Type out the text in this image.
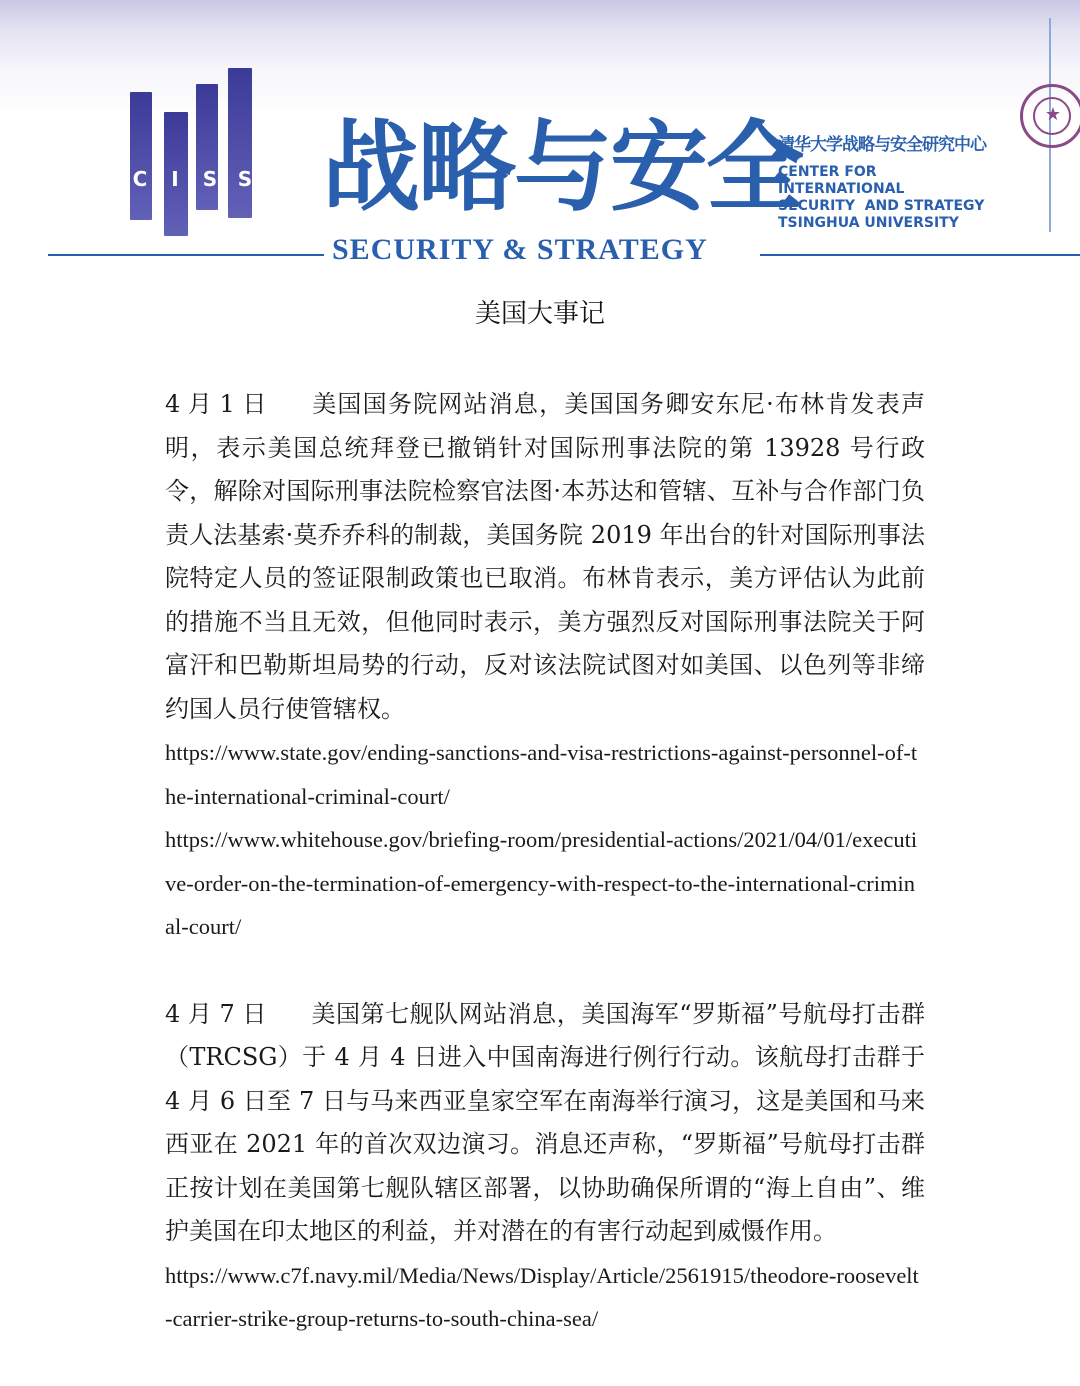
C	I	S S 战略与安全
SECURITY & STRATEGY
清华大学战略与安全研究中心
CENTER FOR
INTERNATIONAL
SECURITY  AND STRATEGY
TSINGHUA UNIVERSITY
★
美国大事记

4 月 1 日 美国国务院网站消息，美国国务卿安东尼·布林肯发表声明，表示美国总统拜登已撤销针对国际刑事法院的第 13928 号行政令，解除对国际刑事法院检察官法图·本苏达和管辖、互补与合作部门负责人法基索·莫乔乔科的制裁，美国务院 2019 年出台的针对国际刑事法院特定人员的签证限制政策也已取消。布林肯表示，美方评估认为此前的措施不当且无效，但他同时表示，美方强烈反对国际刑事法院关于阿富汗和巴勒斯坦局势的行动，反对该法院试图对如美国、以色列等非缔约国人员行使管辖权。

https://www.state.gov/ending-sanctions-and-visa-restrictions-against-personnel-of-the-international-criminal-court/
https://www.whitehouse.gov/briefing-room/presidential-actions/2021/04/01/executive-order-on-the-termination-of-emergency-with-respect-to-the-international-criminal-court/

4 月 7 日 美国第七舰队网站消息，美国海军“罗斯福”号航母打击群（TRCSG）于 4 月 4 日进入中国南海进行例行行动。该航母打击群于 4 月 6 日至 7 日与马来西亚皇家空军在南海举行演习，这是美国和马来西亚在 2021 年的首次双边演习。消息还声称，“罗斯福”号航母打击群正按计划在美国第七舰队辖区部署，以协助确保所谓的“海上自由”、维护美国在印太地区的利益，并对潜在的有害行动起到威慑作用。

https://www.c7f.navy.mil/Media/News/Display/Article/2561915/theodore-roosevelt-carrier-strike-group-returns-to-south-china-sea/
